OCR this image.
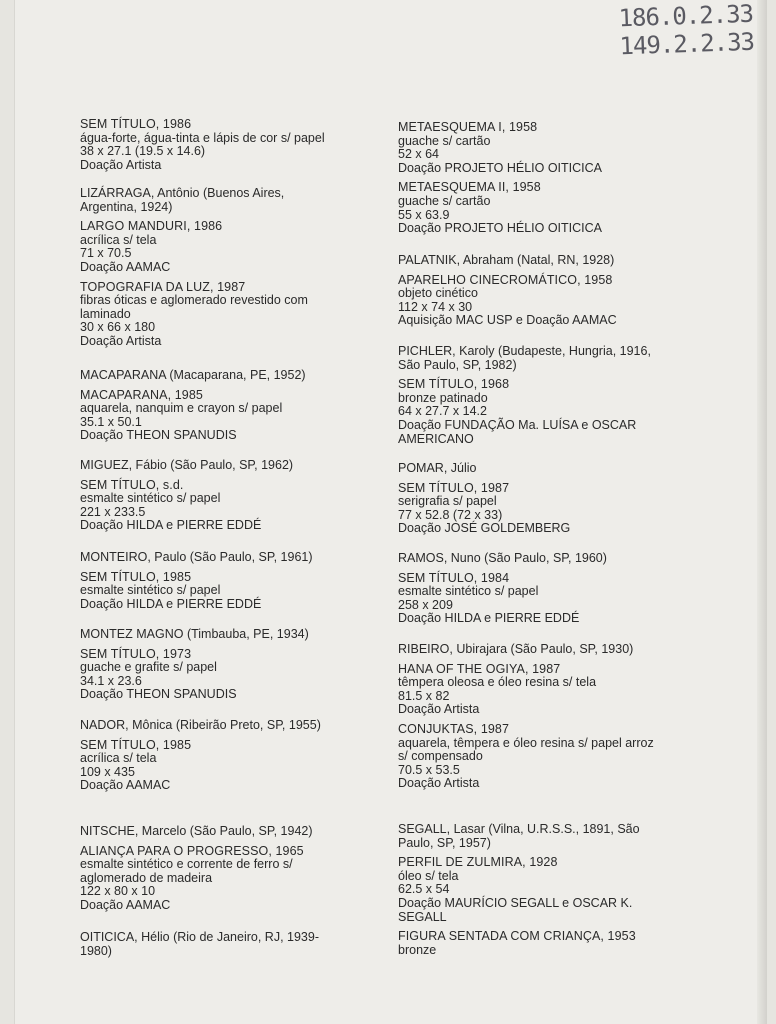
186.0.2.33
149.2.2.33
SEM TÍTULO, 1986
água-forte, água-tinta e lápis de cor s/ papel
38 x 27.1 (19.5 x 14.6)
Doação Artista
LIZÁRRAGA, Antônio (Buenos Aires, Argentina, 1924)
LARGO MANDURI, 1986
acrílica s/ tela
71 x 70.5
Doação AAMAC
TOPOGRAFIA DA LUZ, 1987
fibras óticas e aglomerado revestido com laminado
30 x 66 x 180
Doação Artista
MACAPARANA (Macaparana, PE, 1952)
MACAPARANA, 1985
aquarela, nanquim e crayon s/ papel
35.1 x 50.1
Doação THEON SPANUDIS
MIGUEZ, Fábio (São Paulo, SP, 1962)
SEM TÍTULO, s.d.
esmalte sintético s/ papel
221 x 233.5
Doação HILDA e PIERRE EDDÉ
MONTEIRO, Paulo (São Paulo, SP, 1961)
SEM TÍTULO, 1985
esmalte sintético s/ papel
Doação HILDA e PIERRE EDDÉ
MONTEZ MAGNO (Timbauba, PE, 1934)
SEM TÍTULO, 1973
guache e grafite s/ papel
34.1 x 23.6
Doação THEON SPANUDIS
NADOR, Mônica (Ribeirão Preto, SP, 1955)
SEM TÍTULO, 1985
acrílica s/ tela
109 x 435
Doação AAMAC
NITSCHE, Marcelo (São Paulo, SP, 1942)
ALIANÇA PARA O PROGRESSO, 1965
esmalte sintético e corrente de ferro s/ aglomerado de madeira
122 x 80 x 10
Doação AAMAC
OITICICA, Hélio (Rio de Janeiro, RJ, 1939-1980)
METAESQUEMA I, 1958
guache s/ cartão
52 x 64
Doação PROJETO HÉLIO OITICICA
METAESQUEMA II, 1958
guache s/ cartão
55 x 63.9
Doação PROJETO HÉLIO OITICICA
PALATNIK, Abraham (Natal, RN, 1928)
APARELHO CINECROMÁTICO, 1958
objeto cinético
112 x 74 x 30
Aquisição MAC USP e Doação AAMAC
PICHLER, Karoly (Budapeste, Hungria, 1916, São Paulo, SP, 1982)
SEM TÍTULO, 1968
bronze patinado
64 x 27.7 x 14.2
Doação FUNDAÇÃO Ma. LUÍSA e OSCAR AMERICANO
POMAR, Júlio
SEM TÍTULO, 1987
serigrafia s/ papel
77 x 52.8 (72 x 33)
Doação JOSÉ GOLDEMBERG
RAMOS, Nuno (São Paulo, SP, 1960)
SEM TÍTULO, 1984
esmalte sintético s/ papel
258 x 209
Doação HILDA e PIERRE EDDÉ
RIBEIRO, Ubirajara (São Paulo, SP, 1930)
HANA OF THE OGIYA, 1987
têmpera oleosa e óleo resina s/ tela
81.5 x 82
Doação Artista
CONJUKTAS, 1987
aquarela, têmpera e óleo resina s/ papel arroz s/ compensado
70.5 x 53.5
Doação Artista
SEGALL, Lasar (Vilna, U.R.S.S., 1891, São Paulo, SP, 1957)
PERFIL DE ZULMIRA, 1928
óleo s/ tela
62.5 x 54
Doação MAURÍCIO SEGALL e OSCAR K. SEGALL
FIGURA SENTADA COM CRIANÇA, 1953
bronze
